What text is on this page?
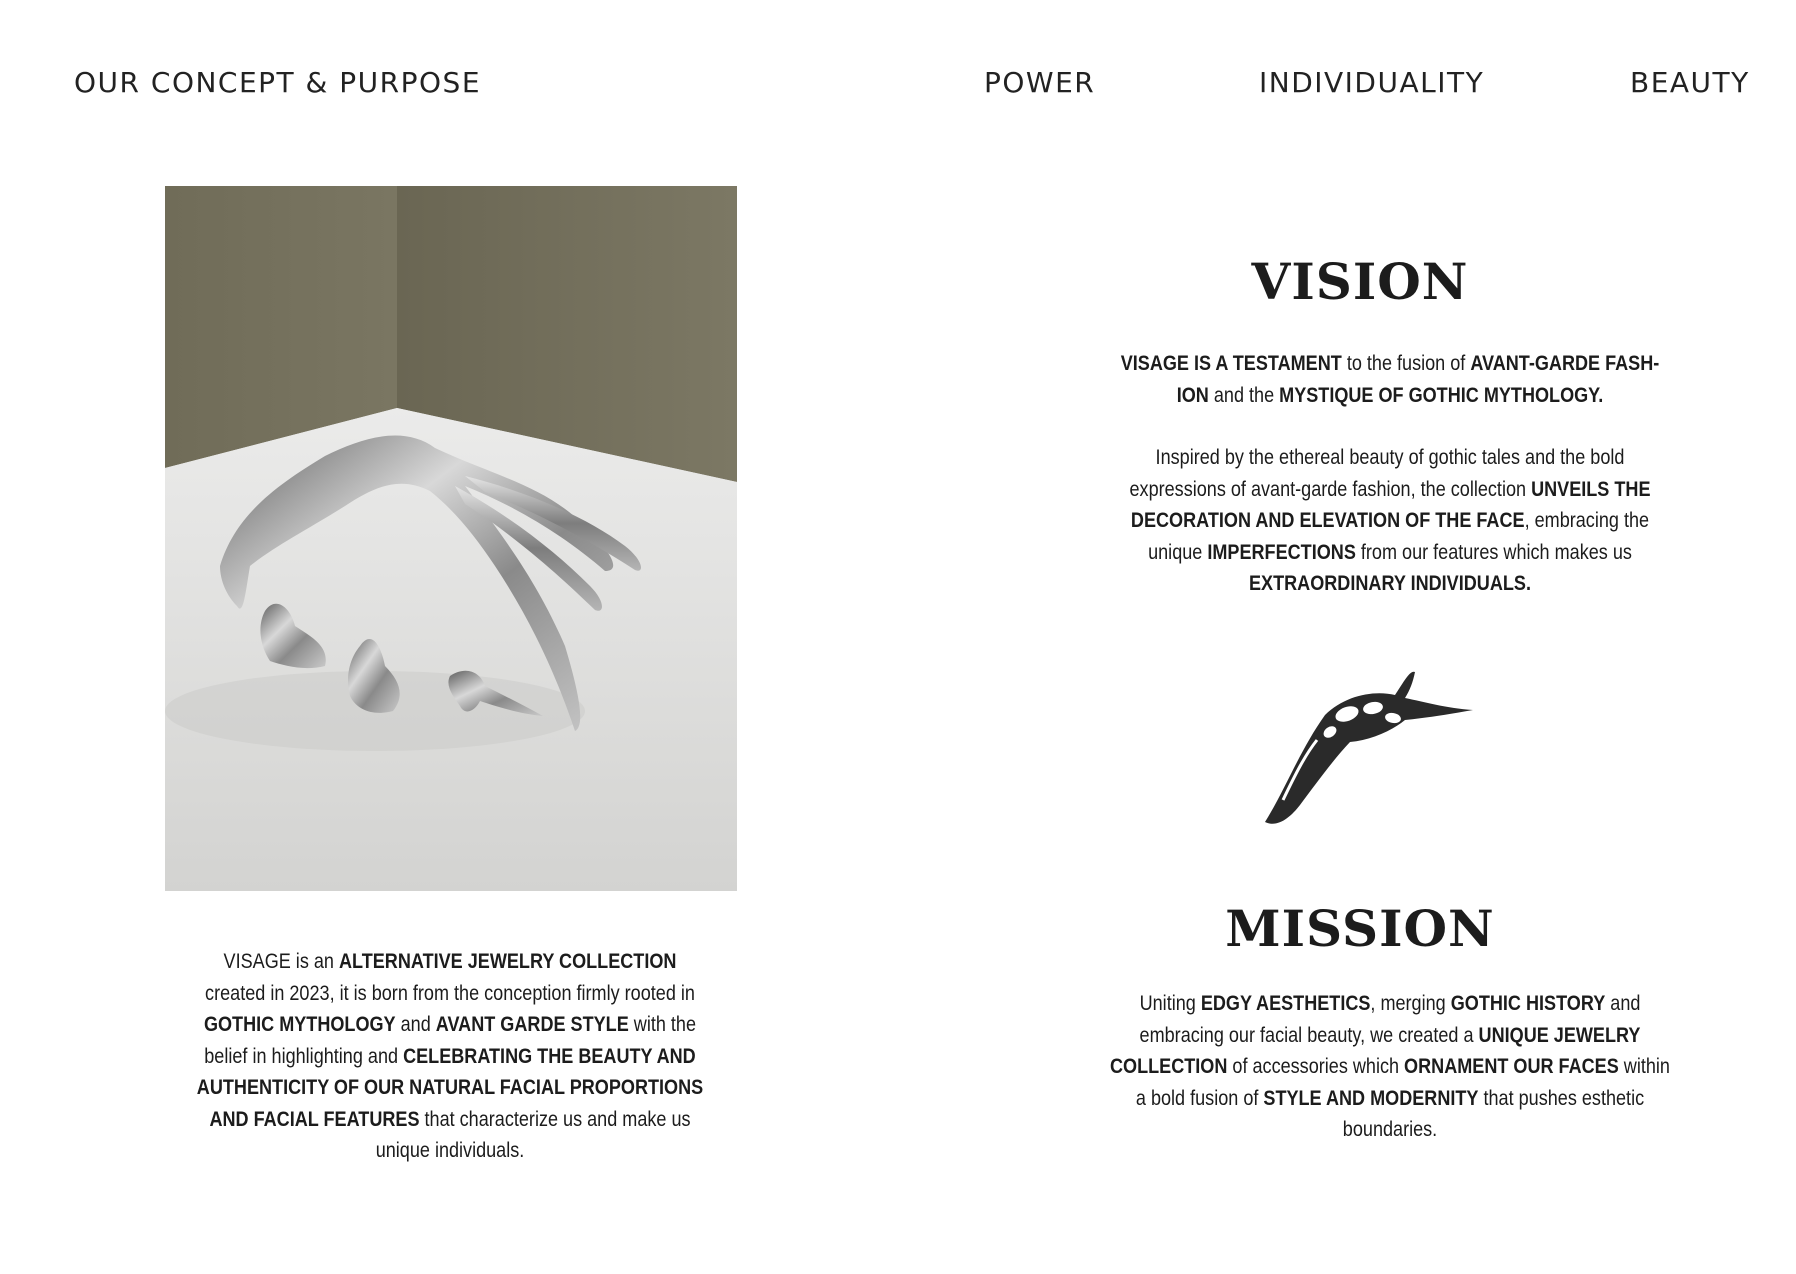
OUR CONCEPT & PURPOSE	POWER	INDIVIDUALITY	BEAUTY
VISAGE is an ALTERNATIVE JEWELRY COLLECTION created in 2023, it is born from the conception firmly rooted in GOTHIC MYTHOLOGY and AVANT GARDE STYLE with the belief in highlighting and CELEBRATING THE BEAUTY AND AUTHENTICITY OF OUR NATURAL FACIAL PROPORTIONS AND FACIAL FEATURES that characterize us and make us unique individuals.
VISION
VISAGE IS A TESTAMENT to the fusion of AVANT-GARDE FASH-ION and the MYSTIQUE OF GOTHIC MYTHOLOGY.
Inspired by the ethereal beauty of gothic tales and the bold expressions of avant-garde fashion, the collection UNVEILS THE DECORATION AND ELEVATION OF THE FACE, embracing the unique IMPERFECTIONS from our features which makes us EXTRAORDINARY INDIVIDUALS.
MISSION
Uniting EDGY AESTHETICS, merging GOTHIC HISTORY and embracing our facial beauty, we created a UNIQUE JEWELRY COLLECTION of accessories which ORNAMENT OUR FACES within a bold fusion of STYLE AND MODERNITY that pushes esthetic boundaries.
